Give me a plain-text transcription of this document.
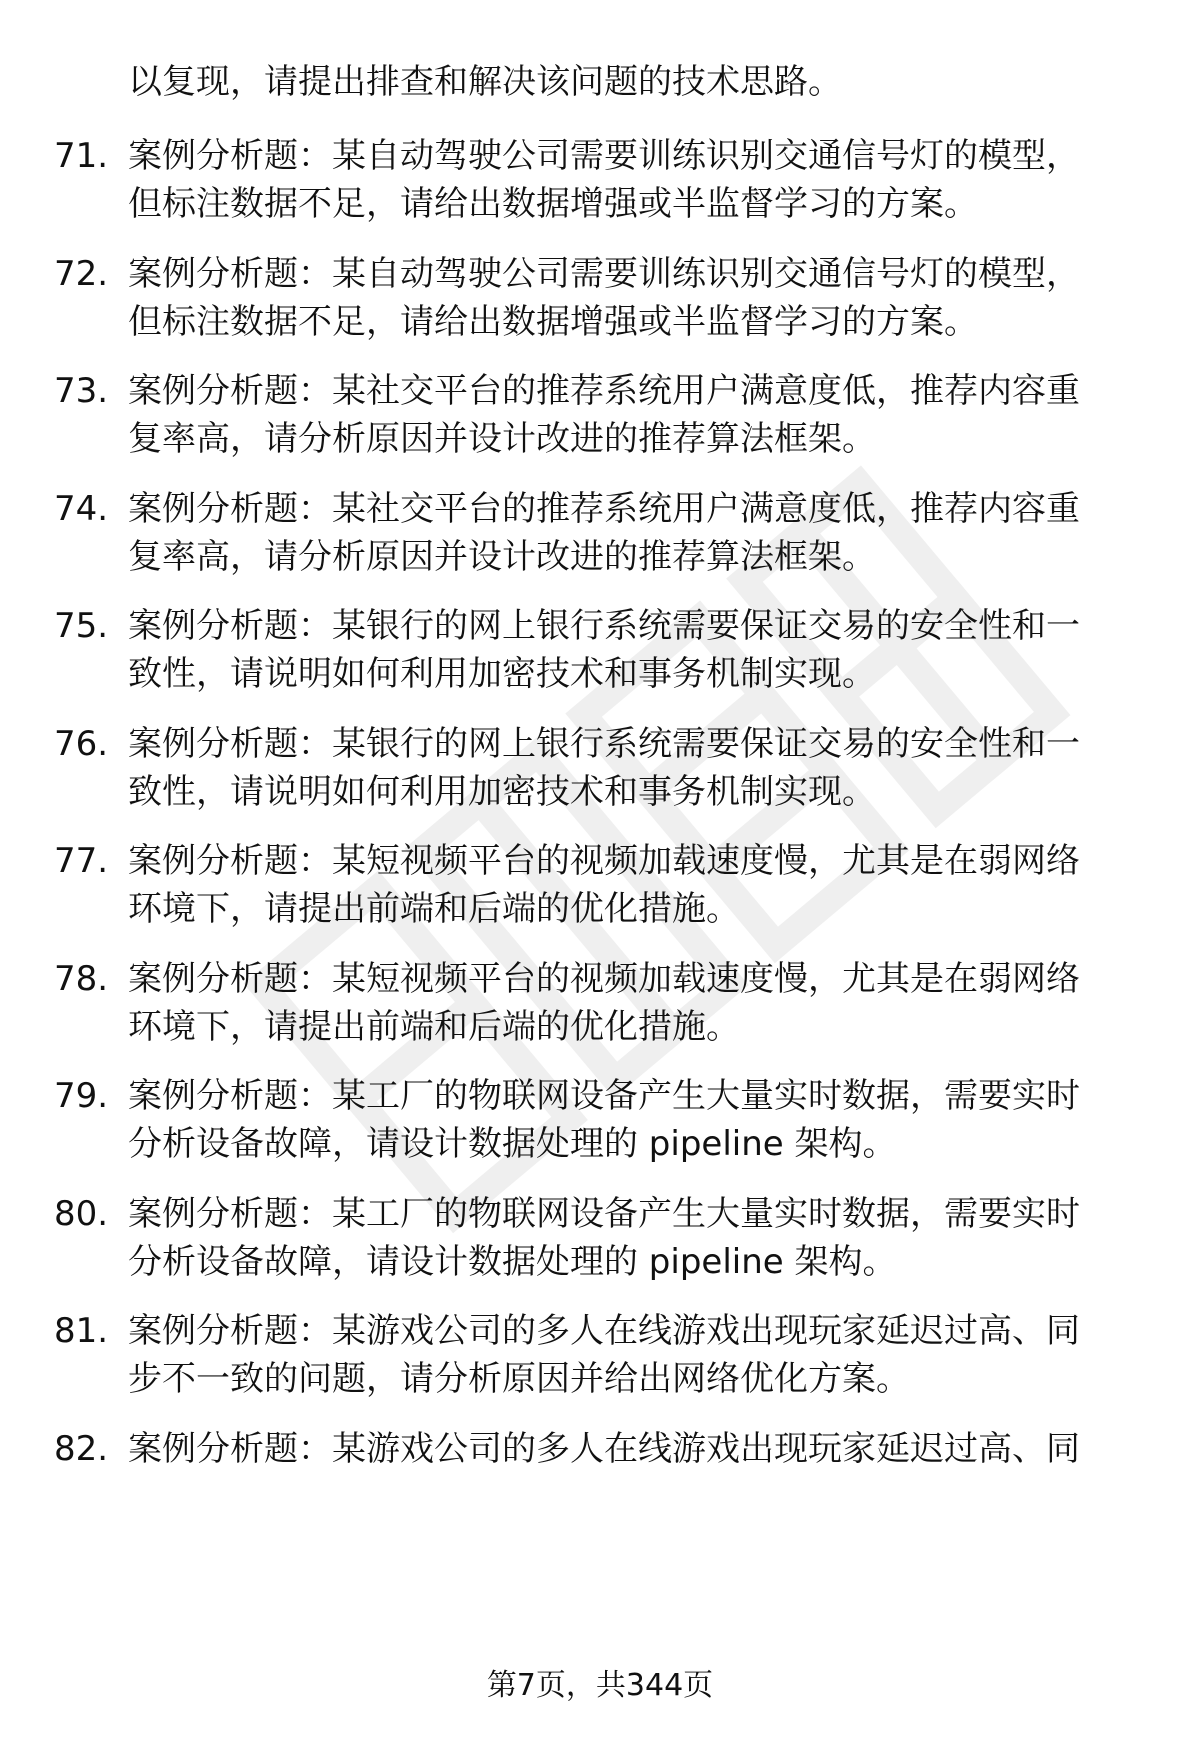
以复现，请提出排查和解决该问题的技术思路。
71. 案例分析题：某自动驾驶公司需要训练识别交通信号灯的模型，
但标注数据不足，请给出数据增强或半监督学习的方案。
72. 案例分析题：某自动驾驶公司需要训练识别交通信号灯的模型，
但标注数据不足，请给出数据增强或半监督学习的方案。
73. 案例分析题：某社交平台的推荐系统用户满意度低，推荐内容重
复率高，请分析原因并设计改进的推荐算法框架。
74. 案例分析题：某社交平台的推荐系统用户满意度低，推荐内容重
复率高，请分析原因并设计改进的推荐算法框架。
75. 案例分析题：某银行的网上银行系统需要保证交易的安全性和一
致性，请说明如何利用加密技术和事务机制实现。
76. 案例分析题：某银行的网上银行系统需要保证交易的安全性和一
致性，请说明如何利用加密技术和事务机制实现。
77. 案例分析题：某短视频平台的视频加载速度慢，尤其是在弱网络
环境下，请提出前端和后端的优化措施。
78. 案例分析题：某短视频平台的视频加载速度慢，尤其是在弱网络
环境下，请提出前端和后端的优化措施。
79. 案例分析题：某工厂的物联网设备产生大量实时数据，需要实时
分析设备故障，请设计数据处理的 pipeline 架构。
80. 案例分析题：某工厂的物联网设备产生大量实时数据，需要实时
分析设备故障，请设计数据处理的 pipeline 架构。
81. 案例分析题：某游戏公司的多人在线游戏出现玩家延迟过高、同
步不一致的问题，请分析原因并给出网络优化方案。
82. 案例分析题：某游戏公司的多人在线游戏出现玩家延迟过高、同
第7页，共344页
